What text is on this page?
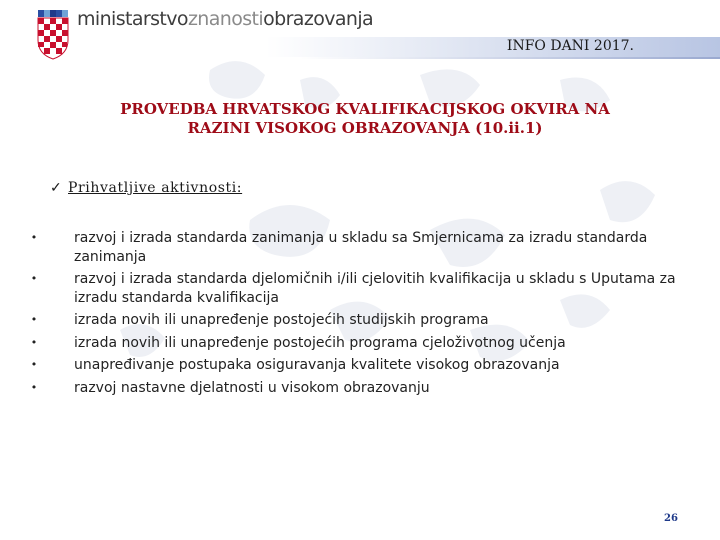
ministarstvoznanostiobrazovanja
INFO DANI 2017.
PROVEDBA HRVATSKOG KVALIFIKACIJSKOG OKVIRA NA
RAZINI VISOKOG OBRAZOVANJA (10.ii.1)
✓ Prihvatljive aktivnosti:
•	razvoj i izrada standarda zanimanja u skladu sa Smjernicama za izradu standarda zanimanja
•	razvoj i izrada standarda djelomičnih i/ili cjelovitih kvalifikacija u skladu s Uputama za izradu standarda kvalifikacija
•	izrada novih ili unapređenje postojećih studijskih programa
•	izrada novih ili unapređenje postojećih programa cjeloživotnog učenja
•	unapređivanje postupaka osiguravanja kvalitete visokog obrazovanja
•	razvoj nastavne djelatnosti u visokom obrazovanju
26
